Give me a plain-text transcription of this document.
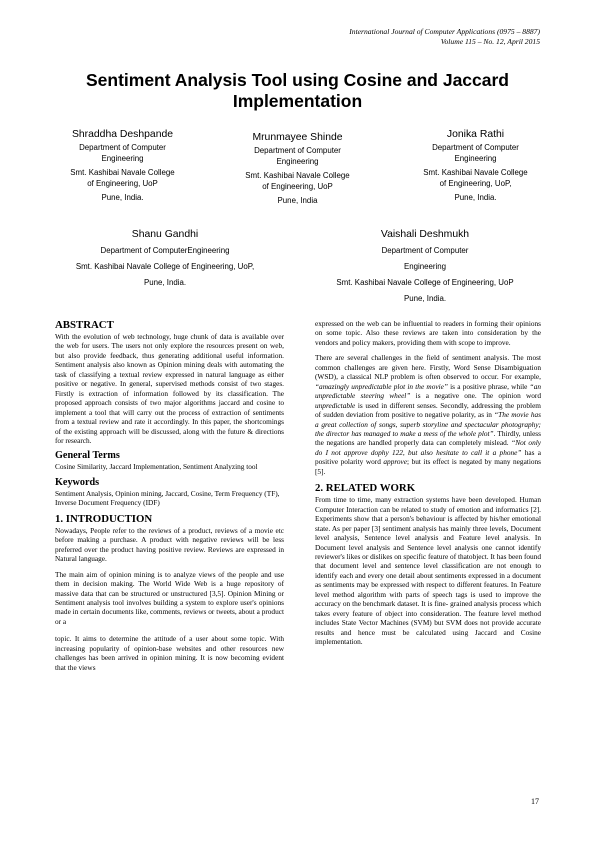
International Journal of Computer Applications (0975 – 8887)
Volume 115 – No. 12, April 2015
Sentiment Analysis Tool using Cosine and Jaccard
Implementation
Shraddha Deshpande
Department of Computer
Engineering
Smt. Kashibai Navale College
of Engineering, UoP
Pune, India.
Mrunmayee Shinde
Department of Computer
Engineering
Smt. Kashibai Navale College
of Engineering, UoP
Pune, India
Jonika Rathi
Department of Computer
Engineering
Smt. Kashibai Navale College
of Engineering, UoP,
Pune, India.
Shanu Gandhi
Department of ComputerEngineering
Smt. Kashibai Navale College of Engineering, UoP,
Pune, India.
Vaishali Deshmukh
Department of Computer
Engineering
Smt. Kashibai Navale College of Engineering, UoP
Pune, India.
ABSTRACT

With the evolution of web technology, huge chunk of data is available over the web for users. The users not only explore the resources present on web, but also provide feedback, thus generating additional useful information. Sentiment analysis also known as Opinion mining deals with automating the task of classifying a textual review expressed in natural language as either positive or negative. In general, supervised methods consist of two stages. Firstly is extraction of information followed by its classification. The proposed approach consists of two major algorithms jaccard and cosine to implement a tool that will carry out the process of extraction of sentiments from a textual review and rate it accordingly. In this paper, the shortcomings of the existing approach will be discussed, along with the future & directions for research.

General Terms

Cosine Similarity, Jaccard Implementation, Sentiment Analyzing tool

Keywords

Sentiment Analysis, Opinion mining, Jaccard, Cosine, Term Frequency (TF), Inverse Document Frequency (IDF)

1. INTRODUCTION

Nowadays, People refer to the reviews of a product, reviews of a movie etc before making a purchase. A product with negative reviews will be less preferred over the product having positive review. Reviews are expressed in Natural language.

The main aim of opinion mining is to analyze views of the people and use them in decision making. The World Wide Web is a huge repository of massive data that can be structured or unstructured [3,5]. Opinion Mining or Sentiment analysis tool involves building a system to explore user's opinions made in certain documents like, comments, reviews or tweets, about a product or a

topic. It aims to determine the attitude of a user about some topic. With increasing popularity of opinion-base websites and other resources new challenges has been arrived in opinion mining. It is now becoming evident that the views

expressed on the web can be influential to readers in forming their opinions on some topic. Also these reviews are taken into consideration by the vendors and policy makers, providing them with scope to improve.

There are several challenges in the field of sentiment analysis. The most common challenges are given here. Firstly, Word Sense Disambiguation (WSD), a classical NLP problem is often observed to occur. For example, “amazingly unpredictable plot in the movie” is a positive phrase, while “an unpredictable steering wheel” is a negative one. The opinion word unpredictable is used in different senses. Secondly, addressing the problem of sudden deviation from positive to negative polarity, as in “The movie has a great collection of songs, superb storyline and spectacular photography; the director has managed to make a mess of the whole plot”. Thirdly, unless the negations are handled properly data can completely mislead. “Not only do I not approve dophy 122, but also hesitate to call it a phone” has a positive polarity word approve; but its effect is negated by many negations [5].

2. RELATED WORK

From time to time, many extraction systems have been developed. Human Computer Interaction can be related to study of emotion and informatics [2]. Experiments show that a person's behaviour is affected by his/her emotional state. As per paper [3] sentiment analysis has mainly three levels, Document level analysis, Sentence level analysis and Feature level analysis. In Document level analysis and Sentence level analysis one cannot identify reviewer's likes or dislikes on specific feature of thatobject. It has been found that document level and sentence level classification are not enough to identify each and every one detail about sentiments expressed in a document as sentiments may be expressed with respect to different features. In Feature level method algorithm with parts of speech tags is used to improve the accuracy on the benchmark dataset. It is fine- grained analysis process which takes every feature of object into consideration. The feature level method includes State Vector Machines (SVM) but SVM does not provide accurate results and hence must be calculated using Jaccard and Cosine implementation.

17
